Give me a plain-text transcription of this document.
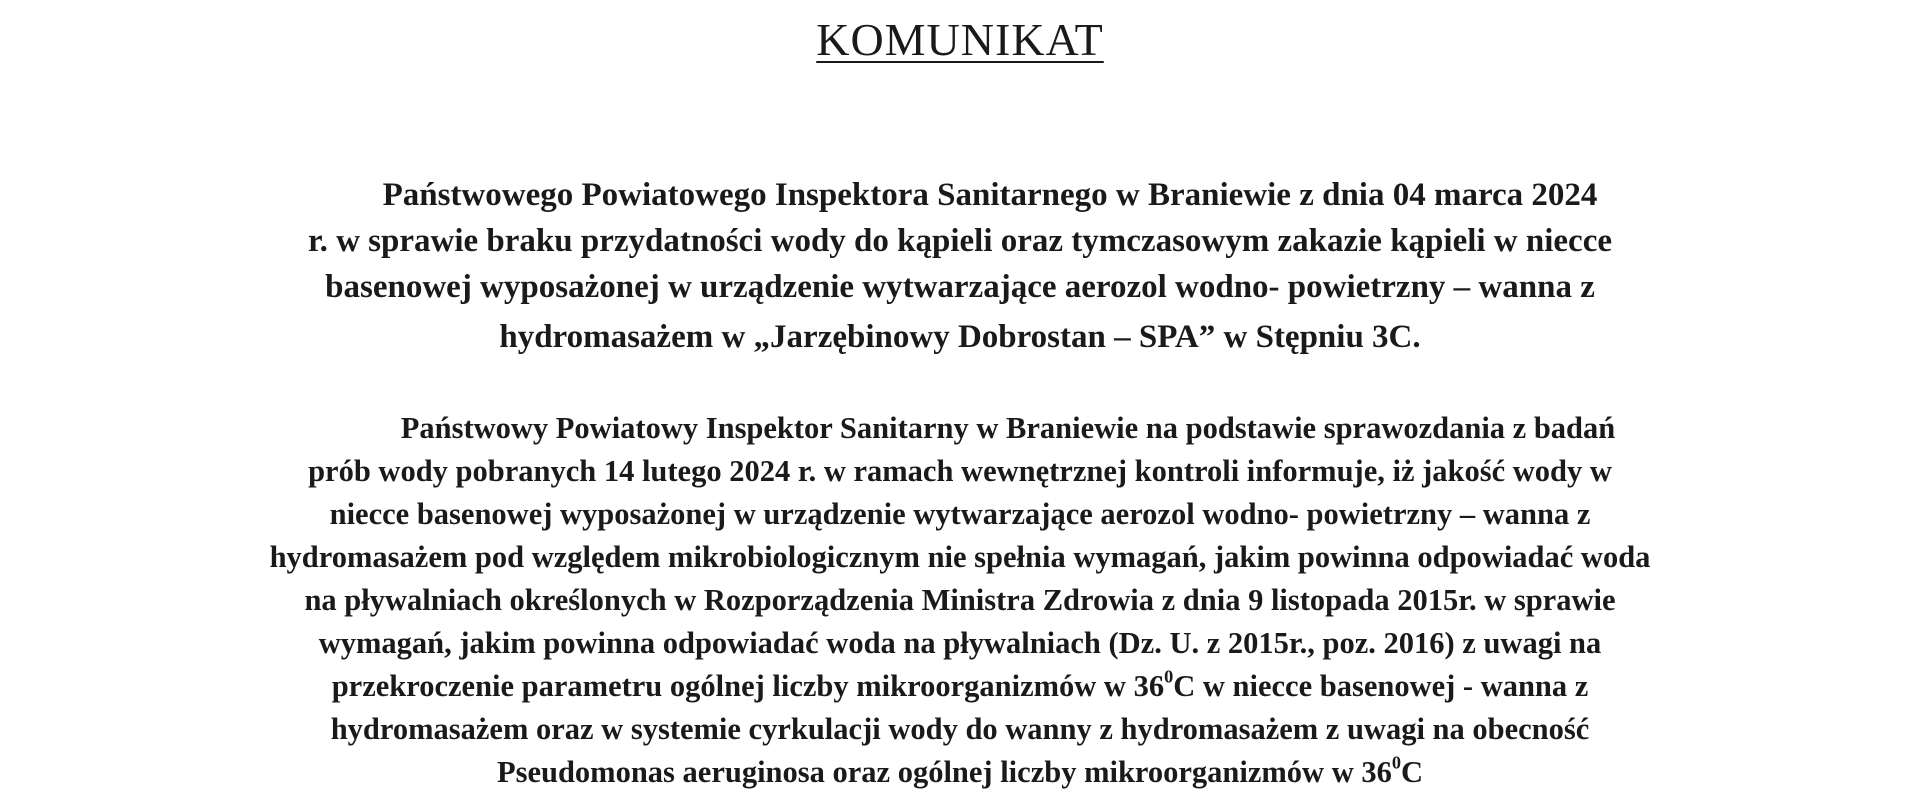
KOMUNIKAT
Państwowego Powiatowego Inspektora Sanitarnego w Braniewie z dnia 04 marca 2024
r. w sprawie braku przydatności wody do kąpieli oraz tymczasowym zakazie kąpieli w niecce
basenowej wyposażonej w urządzenie wytwarzające aerozol wodno- powietrzny – wanna z
hydromasażem w „Jarzębinowy Dobrostan – SPA” w Stępniu 3C.
Państwowy Powiatowy Inspektor Sanitarny w Braniewie na podstawie sprawozdania z badań
prób wody pobranych 14 lutego 2024 r. w ramach wewnętrznej kontroli informuje, iż jakość wody w
niecce basenowej wyposażonej w urządzenie wytwarzające aerozol wodno- powietrzny – wanna z
hydromasażem pod względem mikrobiologicznym nie spełnia wymagań, jakim powinna odpowiadać woda
na pływalniach określonych w Rozporządzenia Ministra Zdrowia z dnia 9 listopada 2015r. w sprawie
wymagań, jakim powinna odpowiadać woda na pływalniach (Dz. U. z 2015r., poz. 2016) z uwagi na
przekroczenie parametru ogólnej liczby mikroorganizmów w $36^0C$ w niecce basenowej - wanna z
hydromasażem oraz w systemie cyrkulacji wody do wanny z hydromasażem z uwagi na obecność
Pseudomonas aeruginosa oraz ogólnej liczby mikroorganizmów w $36^0C$
